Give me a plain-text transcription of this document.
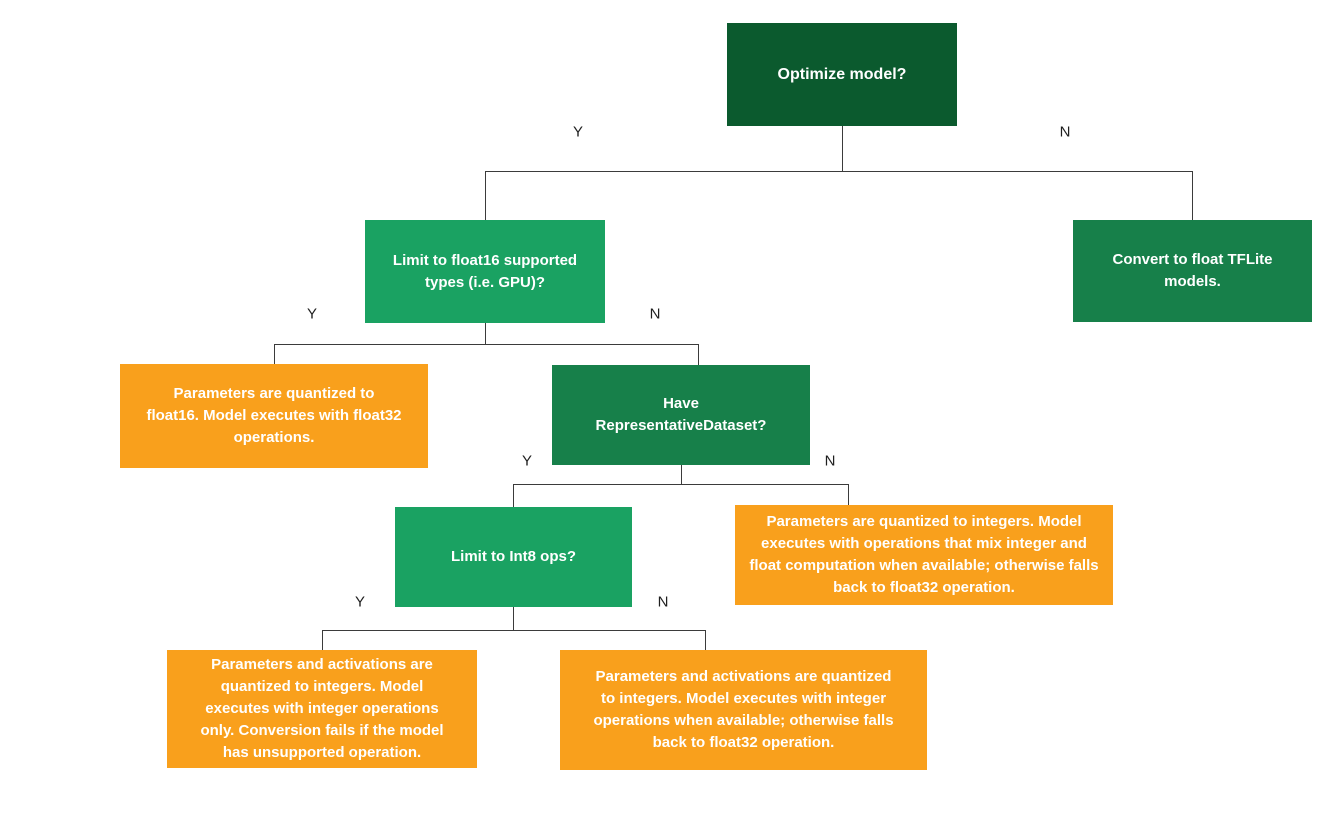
Y	N
Y	N
Y	N
Y	N
Optimize model?
Limit to float16 supported types (i.e. GPU)?
Convert to float TFLite models.
Parameters are quantized to float16. Model executes with float32 operations.
Have RepresentativeDataset?
Limit to Int8 ops?
Parameters are quantized to integers. Model executes with operations that mix integer and float computation when available; otherwise falls back to float32 operation.
Parameters and activations are quantized to integers. Model executes with integer operations only. Conversion fails if the model has unsupported operation.
Parameters and activations are quantized to integers. Model executes with integer operations when available; otherwise falls back to float32 operation.
